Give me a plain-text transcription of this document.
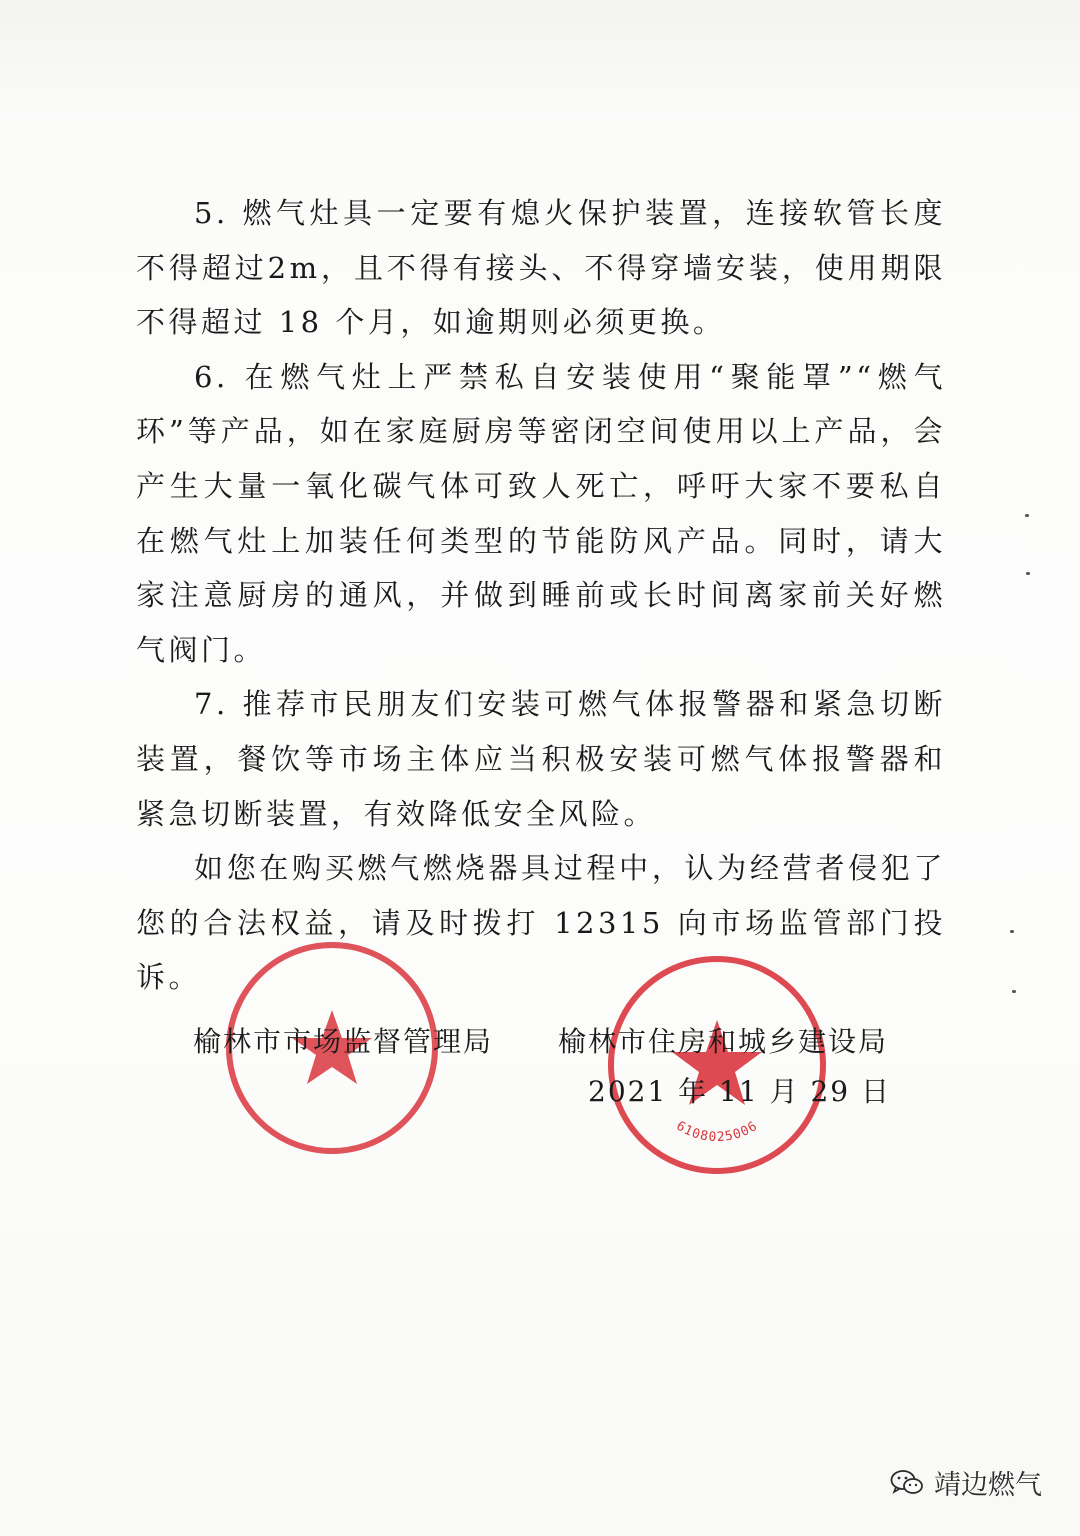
5. 燃气灶具一定要有熄火保护装置，连接软管长度不得超过2m，且不得有接头、不得穿墙安装，使用期限不得超过 18 个月，如逾期则必须更换。

6. 在燃气灶上严禁私自安装使用“聚能罩”“燃气环”等产品，如在家庭厨房等密闭空间使用以上产品，会产生大量一氧化碳气体可致人死亡，呼吁大家不要私自在燃气灶上加装任何类型的节能防风产品。同时，请大家注意厨房的通风，并做到睡前或长时间离家前关好燃气阀门。

7. 推荐市民朋友们安装可燃气体报警器和紧急切断装置，餐饮等市场主体应当积极安装可燃气体报警器和紧急切断装置，有效降低安全风险。

如您在购买燃气燃烧器具过程中，认为经营者侵犯了您的合法权益，请及时拨打 12315 向市场监管部门投诉。

6108025006
榆林市市场监督管理局 榆林市住房和城乡建设局
2021 年 11 月 29 日
靖边燃气
